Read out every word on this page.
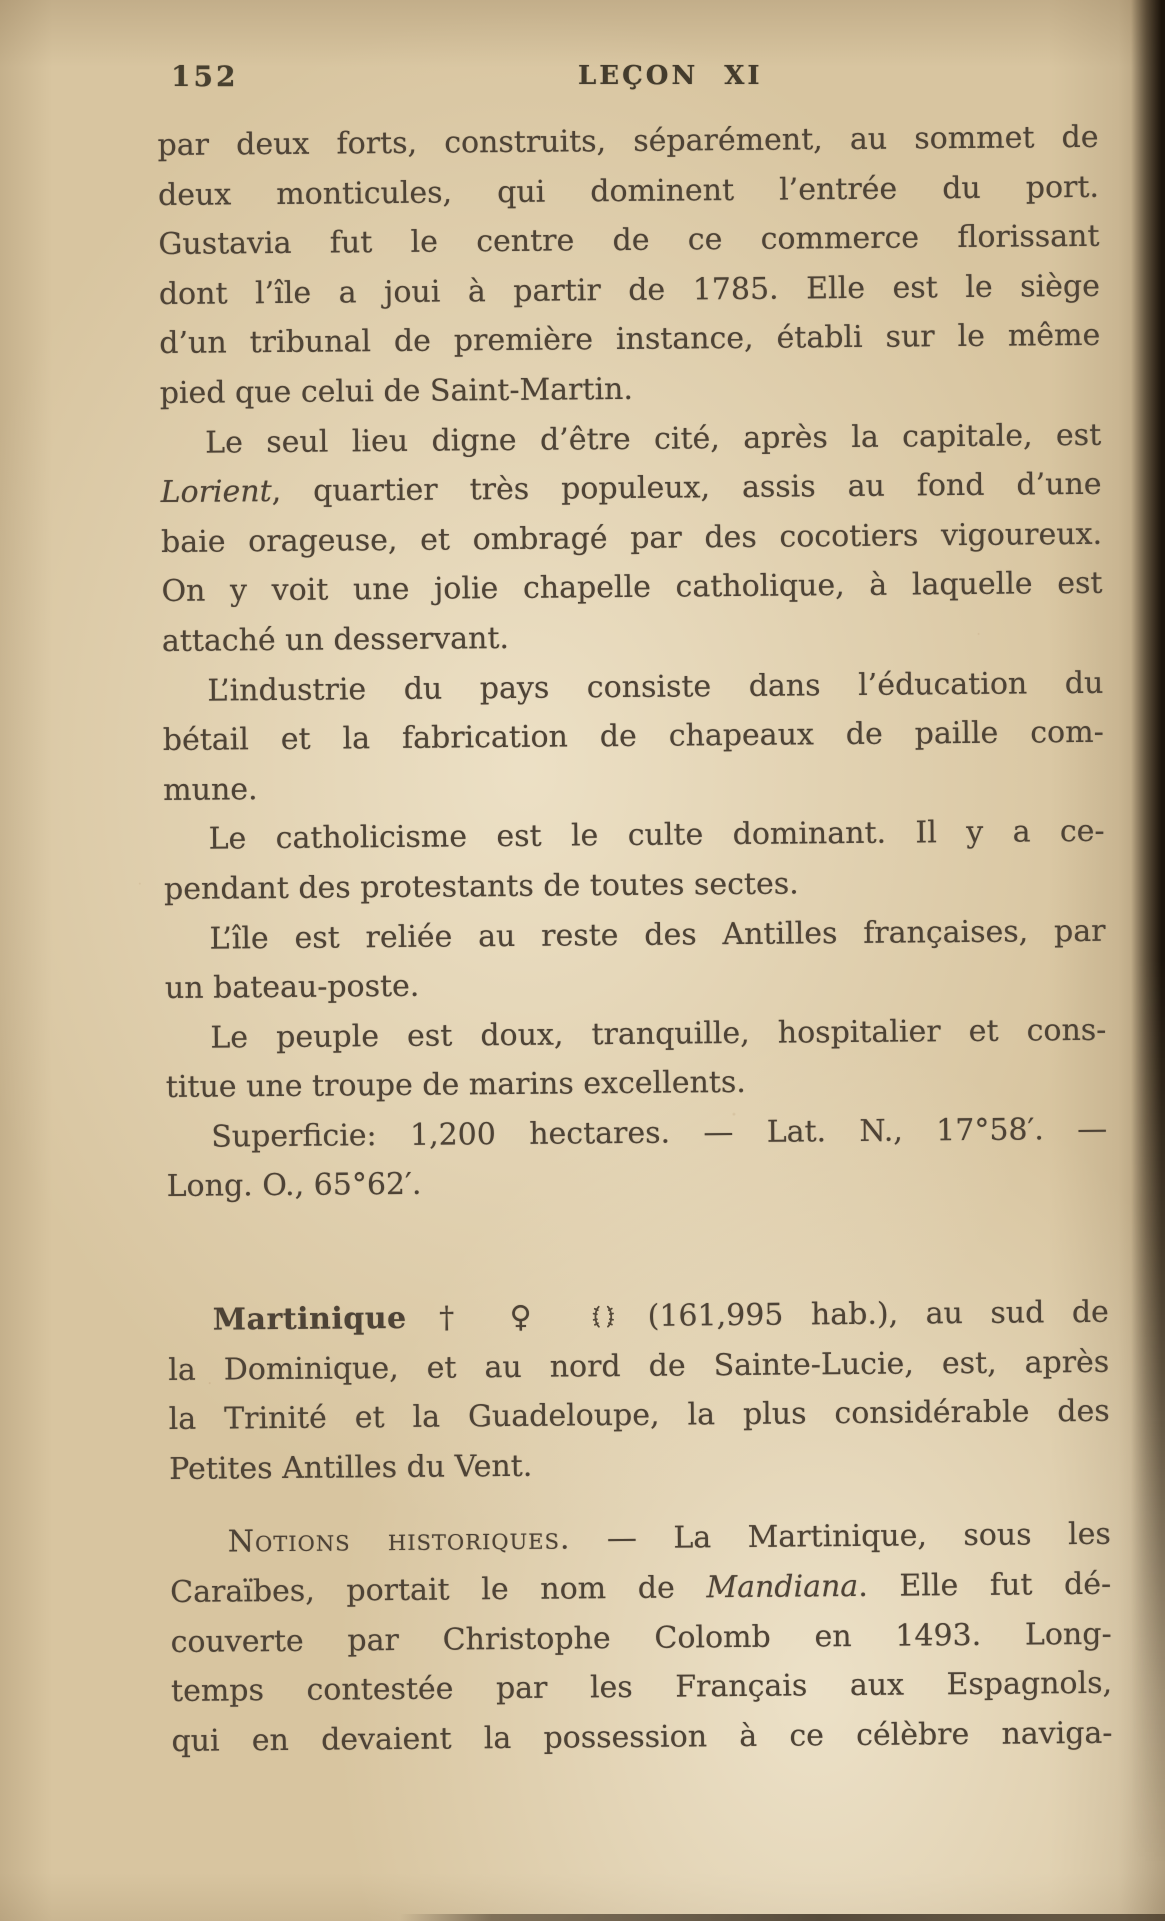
152	LEÇON XI
par deux forts, construits, séparément, au sommet de
deux monticules, qui dominent l’entrée du port.
Gustavia fut le centre de ce commerce florissant
dont l’île a joui à partir de 1785. Elle est le siège
d’un tribunal de première instance, établi sur le même
pied que celui de Saint-Martin.
Le seul lieu digne d’être cité, après la capitale, est
Lorient, quartier très populeux, assis au fond d’une
baie orageuse, et ombragé par des cocotiers vigoureux.
On y voit une jolie chapelle catholique, à laquelle est
attaché un desservant.
L’industrie du pays consiste dans l’éducation du
bétail et la fabrication de chapeaux de paille com-
mune.
Le catholicisme est le culte dominant. Il y a ce-
pendant des protestants de toutes sectes.
L’île est reliée au reste des Antilles françaises, par
un bateau-poste.
Le peuple est doux, tranquille, hospitalier et cons-
titue une troupe de marins excellents.
Superficie: 1,200 hectares. — Lat. N., 17°58′. —
Long. O., 65°62′.
Martinique † ♀
(161,995 hab.), au sud de
la Dominique, et au nord de Sainte-Lucie, est, après
la Trinité et la Guadeloupe, la plus considérable des
Petites Antilles du Vent.
Notions historiques. — La Martinique, sous les
Caraïbes, portait le nom de Mandiana. Elle fut dé-
couverte par Christophe Colomb en 1493. Long-
temps contestée par les Français aux Espagnols,
qui en devaient la possession à ce célèbre naviga-
